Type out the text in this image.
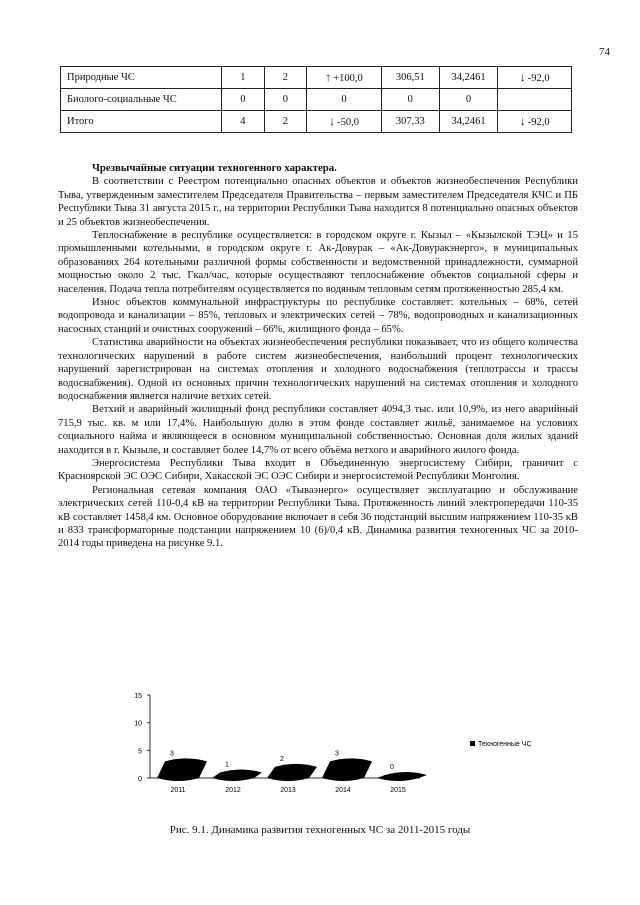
74
Природные ЧС	1	2	↑ +100,0	306,51	34,2461	↓ -92,0
Биолого-социальные ЧС	0	0	0	0	0	
Итого	4	2	↓ -50,0	307,33	34,2461	↓ -92,0
Чрезвычайные ситуации техногенного характера.

В соответствии с Реестром потенциально опасных объектов и объектов жизнеобеспечения Республики Тыва, утвержденным заместителем Председателя Правительства – первым заместителем Председателя КЧС и ПБ Республики Тыва 31 августа 2015 г., на территории Республики Тыва находится 8 потенциально опасных объектов и 25 объектов жизнеобеспечения.

Теплоснабжение в республике осуществляется: в городском округе г. Кызыл – «Кызылской ТЭЦ» и 15 промышленными котельными, в городском округе г. Ак-Довурак – «Ак-Довуракэнерго», в муниципальных образованиях 264 котельными различной формы собственности и ведомственной принадлежности, суммарной мощностью около 2 тыс. Гкал/час, которые осуществляют теплоснабжение объектов социальной сферы и населения. Подача тепла потребителям осуществляется по водяным тепловым сетям протяженностью 285,4 км.

Износ объектов коммунальной инфраструктуры по республике составляет: котельных – 68%, сетей водопровода и канализации – 85%, тепловых и электрических сетей – 78%, водопроводных и канализационных насосных станций и очистных сооружений – 66%, жилищного фонда – 65%.

Статистика аварийности на объектах жизнеобеспечения республики показывает, что из общего количества технологических нарушений в работе систем жизнеобеспечения, наибольший процент технологических нарушений зарегистрирован на системах отопления и холодного водоснабжения (теплотрассы и трассы водоснабжения). Одной из основных причин технологических нарушений на системах отопления и холодного водоснабжения является наличие ветхих сетей.

Ветхий и аварийный жилищный фонд республики составляет 4094,3 тыс. или 10,9%, из него аварийный 715,9 тыс. кв. м или 17,4%. Наибольшую долю в этом фонде составляет жильё, занимаемое на условиях социального найма и являющееся в основном муниципальной собственностью. Основная доля жилых зданий находится в г. Кызыле, и составляет более 14,7% от всего объёма ветхого и аварийного жилого фонда.

Энергосистема Республики Тыва входит в Объединенную энергосистему Сибири, граничит с Красноярской ЭС ОЭС Сибири, Хакасской ЭС ОЭС Сибири и энергосистемой Республики Монголия.

Региональная сетевая компания ОАО «Тываэнерго» осуществляет эксплуатацию и обслуживание электрических сетей 110-0,4 кВ на территории Республики Тыва. Протяженность линий электропередачи 110-35 кВ составляет 1458,4 км. Основное оборудование включает в себя 36 подстанций высшим напряжением 110-35 кВ и 833 трансформаторные подстанции напряжением 10 (6)/0,4 кВ. Динамика развития техногенных ЧС за 2010-2014 годы приведена на рисунке 9.1.

0
5
10
15
3
2011
1
2012
2
2013
3
2014
0
2015
Техногенные ЧС
Рис. 9.1. Динамика развития техногенных ЧС за 2011-2015 годы
